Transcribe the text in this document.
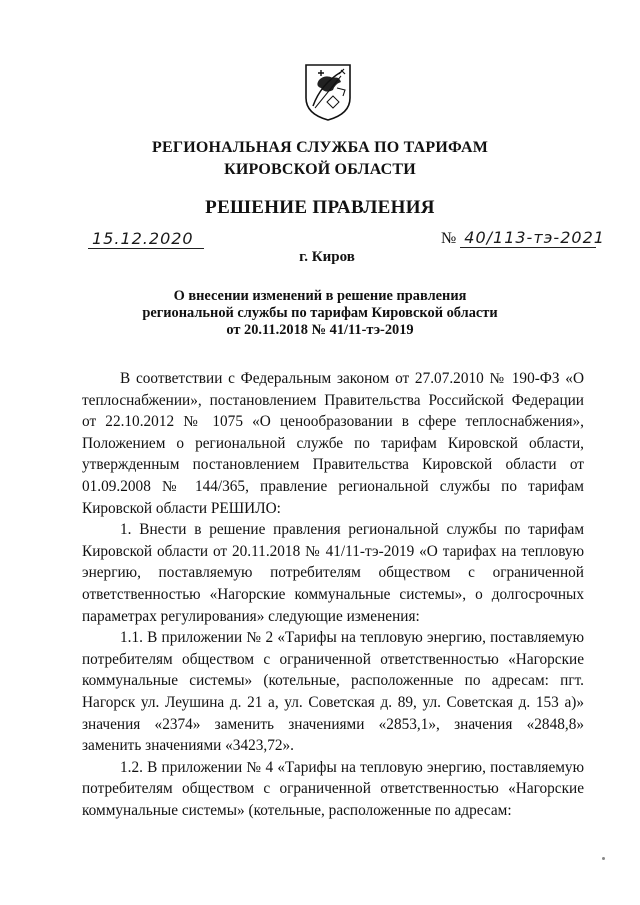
РЕГИОНАЛЬНАЯ СЛУЖБА ПО ТАРИФАМ
КИРОВСКОЙ ОБЛАСТИ
РЕШЕНИЕ ПРАВЛЕНИЯ
15.12.2020	№ 40/113-тэ-2021
г. Киров
О внесении изменений в решение правления
региональной службы по тарифам Кировской области
от 20.11.2018 № 41/11-тэ-2019

В соответствии с Федеральным законом от 27.07.2010 № 190-ФЗ «О теплоснабжении», постановлением Правительства Российской Федерации от 22.10.2012 № 1075 «О ценообразовании в сфере теплоснабжения», Положением о региональной службе по тарифам Кировской области, утвержденным постановлением Правительства Кировской области от 01.09.2008 № 144/365, правление региональной службы по тарифам Кировской области РЕШИЛО:

1. Внести в решение правления региональной службы по тарифам Кировской области от 20.11.2018 № 41/11-тэ-2019 «О тарифах на тепловую энергию, поставляемую потребителям обществом с ограниченной ответственностью «Нагорские коммунальные системы», о долгосрочных параметрах регулирования» следующие изменения:

1.1. В приложении № 2 «Тарифы на тепловую энергию, поставляемую потребителям обществом с ограниченной ответственностью «Нагорские коммунальные системы» (котельные, расположенные по адресам: пгт. Нагорск ул. Леушина д. 21 а, ул. Советская д. 89, ул. Советская д. 153 а)» значения «2374» заменить значениями «2853,1», значения «2848,8» заменить значениями «3423,72».

1.2. В приложении № 4 «Тарифы на тепловую энергию, поставляемую потребителям обществом с ограниченной ответственностью «Нагорские коммунальные системы» (котельные, расположенные по адресам:
